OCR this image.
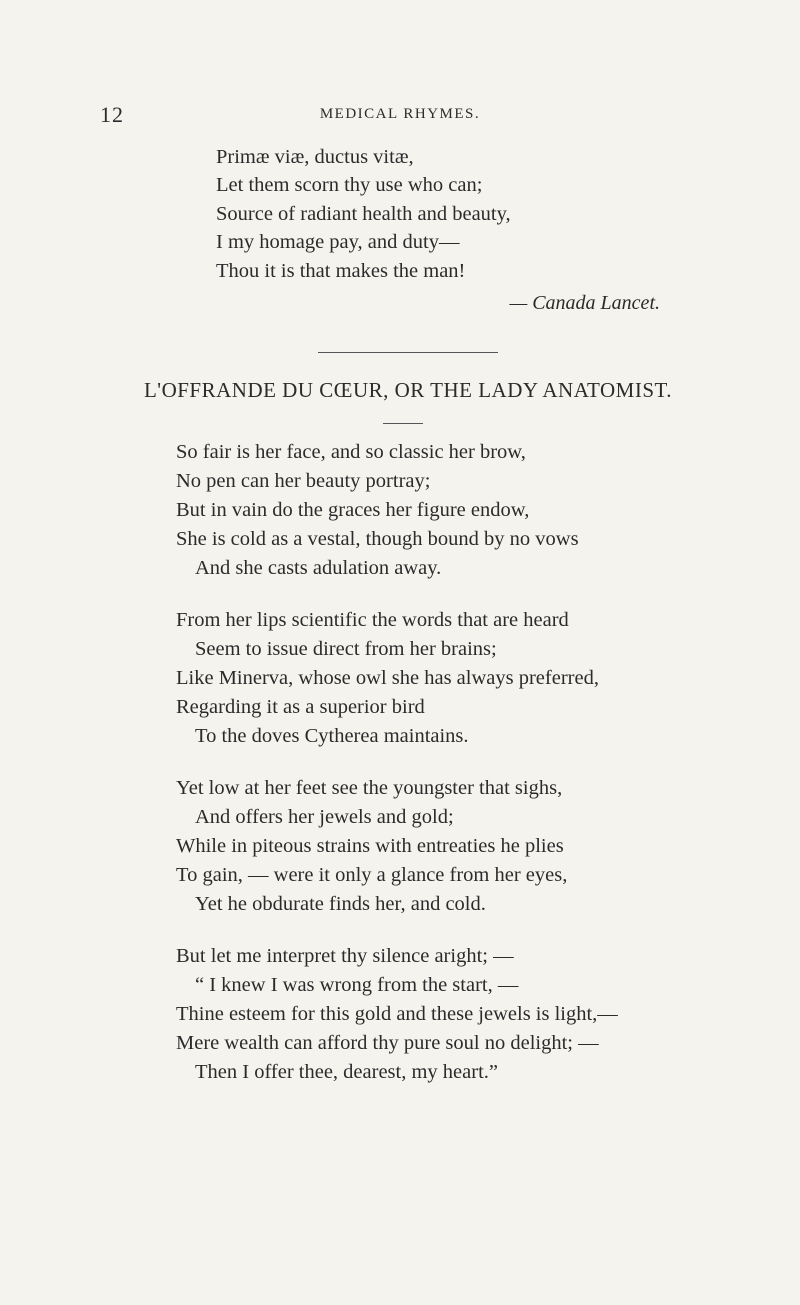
12	MEDICAL RHYMES.
Primæ viæ, ductus vitæ,
Let them scorn thy use who can;
Source of radiant health and beauty,
I my homage pay, and duty—
Thou it is that makes the man!
— Canada Lancet.
L'OFFRANDE DU CŒUR, OR THE LADY ANATOMIST.
So fair is her face, and so classic her brow,
No pen can her beauty portray;
But in vain do the graces her figure endow,
She is cold as a vestal, though bound by no vows
And she casts adulation away.
From her lips scientific the words that are heard
Seem to issue direct from her brains;
Like Minerva, whose owl she has always preferred,
Regarding it as a superior bird
To the doves Cytherea maintains.
Yet low at her feet see the youngster that sighs,
And offers her jewels and gold;
While in piteous strains with entreaties he plies
To gain, — were it only a glance from her eyes,
Yet he obdurate finds her, and cold.
But let me interpret thy silence aright; —
“ I knew I was wrong from the start, —
Thine esteem for this gold and these jewels is light,—
Mere wealth can afford thy pure soul no delight; —
Then I offer thee, dearest, my heart.”
